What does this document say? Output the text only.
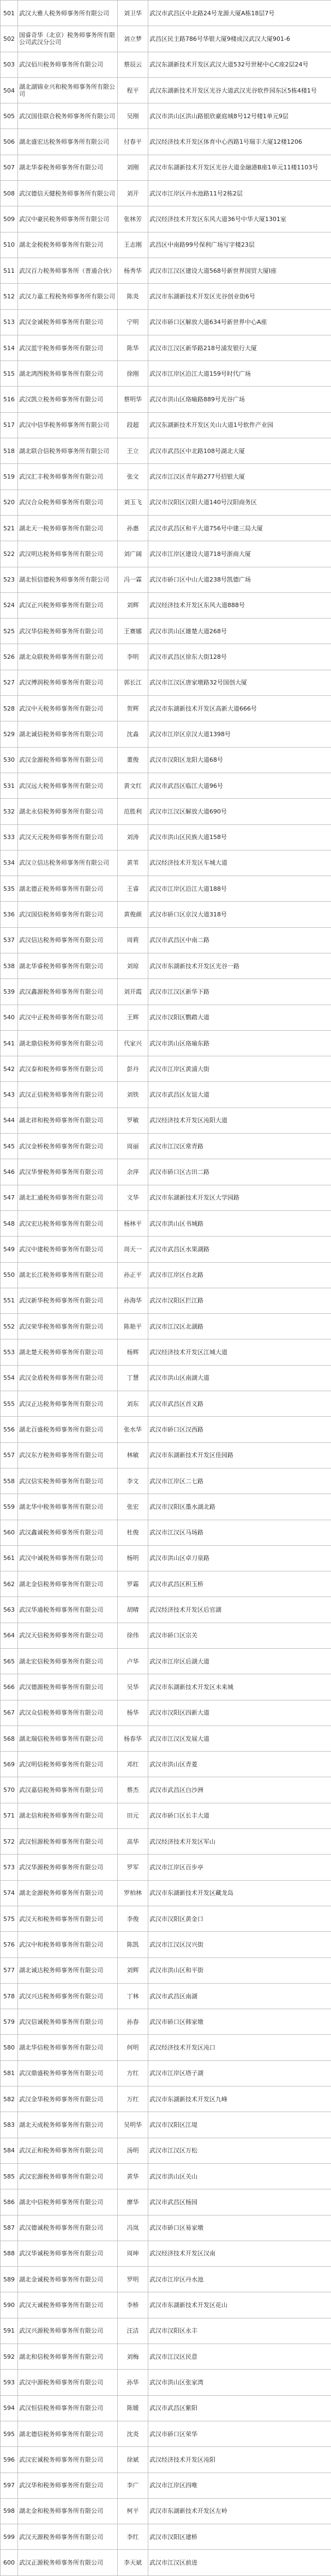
501	武汉大雅人税务师事务所有限公司	刘卫华	武汉市武昌区中北路24号龙源大厦A栋18层7号
502	国睿奇华（北京）税务师事务所有限公司武汉分公司	刘立梦	武昌区民主路786号华银大厦9楼成汉武汉大厦901-6
503	武汉佰川税务师事务所有限公司	蔡辰云	武汉东湖新技术开发区武汉大道532号世秘中心C座2层24号
504	湖北湖锦业兴和税务师事务所有限公司	程平	武汉东湖新技术开发区光谷大道武汉光谷软件园东区5栋4楼1号
505	武汉国佳联合税务师事务所有限公司	吴刚	武汉市洪山区洪山路银欣豪庭城8号12号楼1单元9层
506	湖北盛宏达税务师事务所有限公司	付春平	武汉经济技术开发区体育中心西路1号瑞丰大厦12楼1206
507	湖北华泰税务师事务所有限公司	刘刚	武汉市东湖新技术开发区光谷大道金融港B座1单元11楼1103号
508	武汉德信天健税务师事务所有限公司	刘开	武汉市江岸区丹水池路11号2栋2层
509	武汉中豪民税务师事务所有限公司	张林芳	武汉经济技术开发区东风大道36号中华大厦1301室
510	湖北金税税务师事务所有限公司	王志刚	武昌区中南路99号保利广场写字楼23层
511	武汉百力税务师事务所（普通合伙）	杨秀华	武汉市江汉区建设大道568号新世界国贸大厦I座
512	武汉力嘉工程税务师事务所有限公司	陈炎	武汉市东湖新技术开发区光谷创业街6号
513	武汉金诚税务师事务所有限公司	宁明	武汉市硚口区解放大道634号新世界中心A座
514	武汉蓝宇税务师事务所有限公司	陈华	武汉市江汉区新华路218号浦发银行大厦
515	湖北鸿图税务师事务所有限公司	徐刚	武汉市江岸区沿江大道159号时代广场
516	武汉凯立税务师事务所有限公司	蔡明华	武汉市洪山区珞喻路889号光谷广场
517	武汉中信华税务师事务所有限公司	段超	武汉东湖新技术开发区关山大道1号软件产业园
518	湖北联合信税务师事务所有限公司	王立	武汉市武昌区中北路108号湖北大厦
519	武汉汇丰税务师事务所有限公司	张文	武汉市江汉区青年路277号招银大厦
520	武汉合众税务师事务所有限公司	刘玉飞	武汉市汉阳区汉阳大道140号汉阳商务区
521	湖北天一税务师事务所有限公司	孙惠	武汉市武昌区和平大道756号中建三局大厦
522	武汉明达税务师事务所有限公司	刘广阔	武汉市江岸区建设大道718号浙商大厦
523	湖北恒信德税务师事务所有限公司	冯一霖	武汉市硚口区中山大道238号凯德广场
524	武汉正兴税务师事务所有限公司	刘辉	武汉经济技术开发区东风大道888号
525	武汉华信税务师事务所有限公司	王赛娜	武汉市洪山区雄楚大道268号
526	湖北众联税务师事务所有限公司	李明	武汉市武昌区徐东大街128号
527	武汉博润税务师事务所有限公司	郭长江	武汉市江汉区唐家墩路32号国创大厦
528	武汉中天税务师事务所有限公司	贺辉	武汉市东湖新技术开发区高新大道666号
529	湖北诚信税务师事务所有限公司	沈淼	武汉市江岸区京汉大道1398号
530	武汉金源税务师事务所有限公司	董俊	武汉市汉阳区龙阳大道68号
531	武汉远大税务师事务所有限公司	黄文红	武汉市武昌区临江大道96号
532	湖北永信税务师事务所有限公司	范胜利	武汉市江汉区解放大道690号
533	武汉天元税务师事务所有限公司	刘涛	武汉市洪山区民族大道158号
534	武汉立信达税务师事务所有限公司	黄苇	武汉经济技术开发区车城大道
535	湖北德正税务师事务所有限公司	王睿	武汉市江岸区沿江大道188号
536	武汉国信税务师事务所有限公司	黄俊颜	武汉市硚口区京汉大道318号
537	武汉信达税务师事务所有限公司	周莉	武汉市武昌区中南二路
538	湖北华睿税务师事务所有限公司	刘琼	武汉市东湖新技术开发区光谷一路
539	武汉鑫源税务师事务所有限公司	刘开霞	武汉市江汉区新华下路
540	武汉中正税务师事务所有限公司	王辉	武汉市汉阳区鹦鹉大道
541	湖北鼎信税务师事务所有限公司	代家兴	武汉市洪山区珞瑜东路
542	武汉泰和税务师事务所有限公司	彭丹	武汉市江岸区黄浦大街
543	武汉正信税务师事务所有限公司	刘铁	武汉市武昌区友谊大道
544	湖北祥和税务师事务所有限公司	罗敏	武汉经济技术开发区沌阳大道
545	武汉金桥税务师事务所有限公司	周丽	武汉市江汉区常青路
546	武汉华誉税务师事务所有限公司	余萍	武汉市硚口区古田二路
547	湖北汇通税务师事务所有限公司	文华	武汉市东湖新技术开发区大学园路
548	武汉宏达税务师事务所有限公司	杨林平	武汉市洪山区书城路
549	武汉中建税务师事务所有限公司	周天一	武汉市武昌区水果湖路
550	湖北长江税务师事务所有限公司	孙正平	武汉市江岸区台北路
551	武汉新华税务师事务所有限公司	孙海华	武汉市汉阳区拦江路
552	武汉荣华税务师事务所有限公司	陈艳平	武汉市江汉区北湖路
553	湖北楚天税务师事务所有限公司	杨辉	武汉经济技术开发区江城大道
554	武汉金盾税务师事务所有限公司	丁慧	武汉市洪山区南湖大道
555	武汉正达税务师事务所有限公司	刘东	武汉市武昌区首义路
556	湖北百盛税务师事务所有限公司	张水华	武汉市硚口区汉西路
557	武汉东方税务师事务所有限公司	林敏	武汉市东湖新技术开发区佳园路
558	武汉信实税务师事务所有限公司	李文	武汉市江岸区二七路
559	湖北华中税务师事务所有限公司	张宏	武汉市汉阳区墨水湖北路
560	武汉鑫诚税务师事务所有限公司	杜俊	武汉市江汉区马场路
561	武汉中诚税务师事务所有限公司	杨明	武汉市洪山区卓刀泉路
562	湖北金信税务师事务所有限公司	罗霜	武汉市武昌区积玉桥
563	武汉华通税务师事务所有限公司	胡晴	武汉经济技术开发区后官湖
564	武汉天信税务师事务所有限公司	徐伟	武汉市硚口区宗关
565	湖北宏信税务师事务所有限公司	卢华	武汉市江岸区后湖大道
566	武汉德源税务师事务所有限公司	吴华	武汉市东湖新技术开发区未来城
567	武汉众信税务师事务所有限公司	杨华	武汉市汉阳区四新大道
568	湖北瑞信税务师事务所有限公司	杨春华	武汉市江汉区发展大道
569	武汉明信税务师事务所有限公司	邓红	武汉市洪山区青菱
570	武汉嘉信税务师事务所有限公司	蔡杰	武汉市武昌区白沙洲
571	湖北信和税务师事务所有限公司	田元	武汉市硚口区长丰大道
572	武汉恒源税务师事务所有限公司	高华	武汉经济技术开发区军山
573	武汉华源税务师事务所有限公司	罗军	武汉市江岸区百步亭
574	湖北金源税务师事务所有限公司	罗柏林	武汉市东湖新技术开发区藏龙岛
575	武汉天和税务师事务所有限公司	李俊	武汉市汉阳区黄金口
576	武汉中和税务师事务所有限公司	陈凯	武汉市江汉区汉兴街
577	湖北诚达税务师事务所有限公司	刘辉	武汉市洪山区和平街
578	武汉兴达税务师事务所有限公司	丁林	武汉市武昌区南湖
579	武汉信诚税务师事务所有限公司	孙春	武汉市硚口区韩家墩
580	湖北华信税务师事务所有限公司	何明	武汉经济技术开发区沌口
581	武汉鼎盛税务师事务所有限公司	方红	武汉市江岸区塔子湖
582	武汉金华税务师事务所有限公司	万红	武汉市东湖新技术开发区九峰
583	湖北天成税务师事务所有限公司	吴明华	武汉市汉阳区江堤
584	武汉正和税务师事务所有限公司	汤明	武汉市江汉区万松
585	武汉宏源税务师事务所有限公司	黄华	武汉市洪山区关山
586	湖北中信税务师事务所有限公司	廖华	武汉市武昌区杨园
587	武汉德诚税务师事务所有限公司	冯岚	武汉市硚口区易家墩
588	武汉华诚税务师事务所有限公司	周坤	武汉经济技术开发区汉南
589	湖北金诚税务师事务所有限公司	罗明	武汉市江岸区丹水池
590	武汉天诚税务师事务所有限公司	李桥	武汉市东湖新技术开发区花山
591	武汉兴源税务师事务所有限公司	汪洁	武汉市汉阳区永丰
592	湖北和信税务师事务所有限公司	刘梅	武汉市江汉区民意
593	武汉中源税务师事务所有限公司	孙华	武汉市洪山区张家湾
594	武汉恒信税务师事务所有限公司	陈媛	武汉市武昌区紫阳
595	湖北德信税务师事务所有限公司	沈炎	武汉市硚口区荣华
596	武汉宏诚税务师事务所有限公司	徐斌	武汉经济技术开发区沌阳
597	武汉华和税务师事务所有限公司	李广	武汉市江岸区四唯
598	湖北金和税务师事务所有限公司	柯平	武汉市东湖新技术开发区左岭
599	武汉天源税务师事务所有限公司	李红	武汉市汉阳区建桥
600	武汉正源税务师事务所有限公司	李天斌	武汉市江汉区前进
